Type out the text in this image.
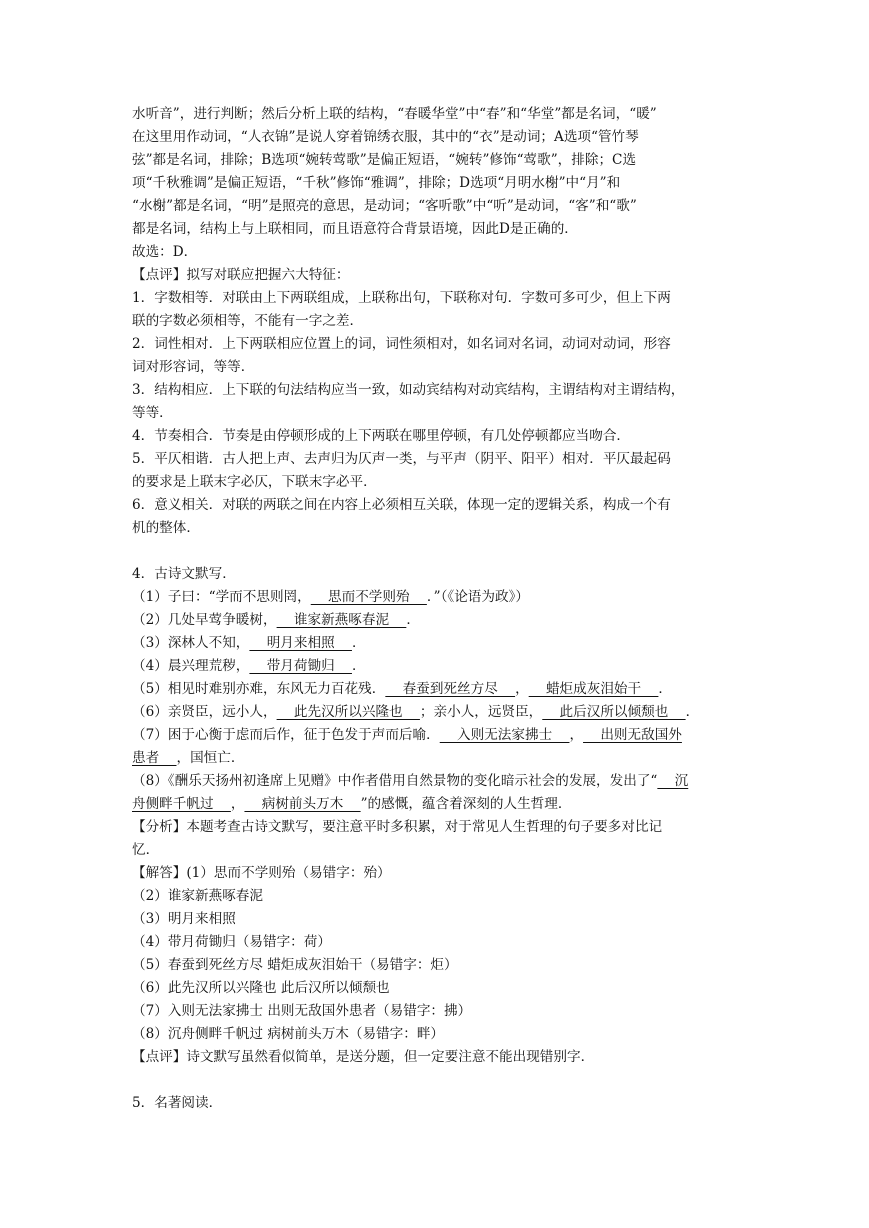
水听音”，进行判断；然后分析上联的结构，“春暖华堂”中“春”和“华堂”都是名词，“暖”
在这里用作动词，“人衣锦”是说人穿着锦绣衣服，其中的“衣”是动词；A选项“管竹琴
弦”都是名词，排除；B选项“婉转莺歌”是偏正短语，“婉转”修饰“莺歌”，排除；C选
项“千秋雅调”是偏正短语，“千秋”修饰“雅调”，排除；D选项“月明水榭”中“月”和
“水榭”都是名词，“明”是照亮的意思，是动词；“客听歌”中“听”是动词，“客”和“歌”
都是名词，结构上与上联相同，而且语意符合背景语境，因此D是正确的．
故选：D．
【点评】拟写对联应把握六大特征：
1．字数相等．对联由上下两联组成，上联称出句，下联称对句．字数可多可少，但上下两
联的字数必须相等，不能有一字之差．
2．词性相对．上下两联相应位置上的词，词性须相对，如名词对名词，动词对动词，形容
词对形容词，等等．
3．结构相应．上下联的句法结构应当一致，如动宾结构对动宾结构，主谓结构对主谓结构，
等等．
4．节奏相合．节奏是由停顿形成的上下两联在哪里停顿，有几处停顿都应当吻合．
5．平仄相谐．古人把上声、去声归为仄声一类，与平声（阴平、阳平）相对．平仄最起码
的要求是上联末字必仄，下联末字必平．
6．意义相关．对联的两联之间在内容上必须相互关联，体现一定的逻辑关系，构成一个有
机的整体．
4．古诗文默写．
（1）子曰：“学而不思则罔，    思而不学则殆    ．”（《论语为政》）
（2）几处早莺争暖树，    谁家新燕啄春泥    ．
（3）深林人不知，    明月来相照    ．
（4）晨兴理荒秽，    带月荷锄归    ．
（5）相见时难别亦难，东风无力百花残．    春蚕到死丝方尽    ，    蜡炬成灰泪始干    ．
（6）亲贤臣，远小人，    此先汉所以兴隆也    ；亲小人，远贤臣，    此后汉所以倾颓也    ．
（7）困于心衡于虑而后作，征于色发于声而后喻．    入则无法家拂士    ，    出则无敌国外
患者    ，国恒亡．
（8）《酬乐天扬州初逢席上见赠》中作者借用自然景物的变化暗示社会的发展，发出了“    沉
舟侧畔千帆过    ，    病树前头万木    ”的感慨，蕴含着深刻的人生哲理．
【分析】本题考查古诗文默写，要注意平时多积累，对于常见人生哲理的句子要多对比记
忆．
【解答】(1）思而不学则殆（易错字：殆）
（2）谁家新燕啄春泥
（3）明月来相照
（4）带月荷锄归（易错字：荷）
（5）春蚕到死丝方尽 蜡炬成灰泪始干（易错字：炬）
（6）此先汉所以兴隆也 此后汉所以倾颓也
（7）入则无法家拂士 出则无敌国外患者（易错字：拂）
（8）沉舟侧畔千帆过 病树前头万木（易错字：畔）
【点评】诗文默写虽然看似简单，是送分题，但一定要注意不能出现错别字．
5．名著阅读．
